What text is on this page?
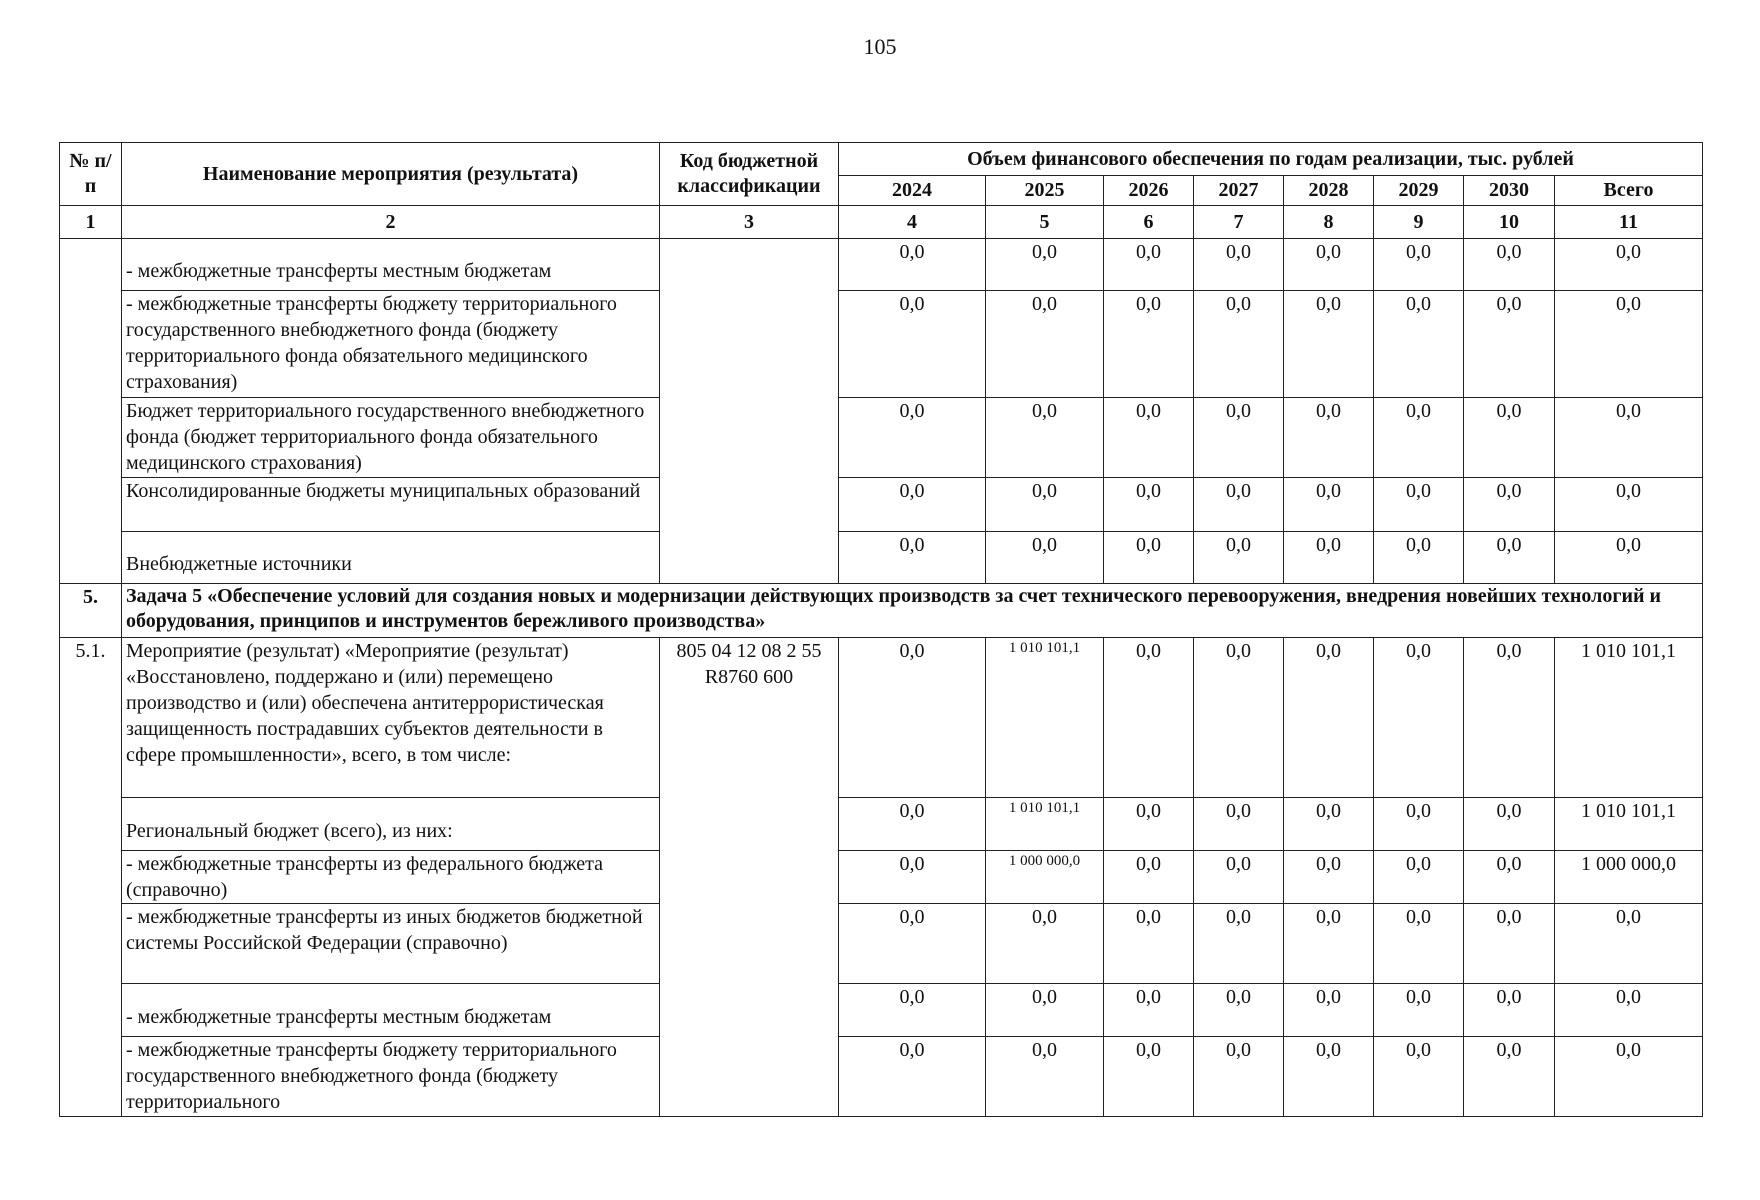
105
№ п/п	Наименование мероприятия (результата)	Код бюджетной классификации	Объем финансового обеспечения по годам реализации, тыс. рублей							
			2024	2025	2026	2027	2028	2029	2030	Всего
1	2	3	4	5	6	7	8	9	10	11
	- межбюджетные трансферты местным бюджетам		0,0	0,0	0,0	0,0	0,0	0,0	0,0	0,0
	- межбюджетные трансферты бюджету территориального государственного внебюджетного фонда (бюджету территориального фонда обязательного медицинского страхования)		0,0	0,0	0,0	0,0	0,0	0,0	0,0	0,0
	Бюджет территориального государственного внебюджетного фонда (бюджет территориального фонда обязательного медицинского страхования)		0,0	0,0	0,0	0,0	0,0	0,0	0,0	0,0
	Консолидированные бюджеты муниципальных образований		0,0	0,0	0,0	0,0	0,0	0,0	0,0	0,0
	Внебюджетные источники		0,0	0,0	0,0	0,0	0,0	0,0	0,0	0,0
5.	Задача 5 «Обеспечение условий для создания новых и модернизации действующих производств за счет технического перевооружения, внедрения новейших технологий и оборудования, принципов и инструментов бережливого производства»									
5.1.	Мероприятие (результат) «Мероприятие (результат) «Восстановлено, поддержано и (или) перемещено производство и (или) обеспечена антитеррористическая защищенность пострадавших субъектов деятельности в сфере промышленности», всего, в том числе:	805 04 12 08 2 55 R8760 600	0,0	1 010 101,1	0,0	0,0	0,0	0,0	0,0	1 010 101,1
	Региональный бюджет (всего), из них:		0,0	1 010 101,1	0,0	0,0	0,0	0,0	0,0	1 010 101,1
	- межбюджетные трансферты из федерального бюджета (справочно)		0,0	1 000 000,0	0,0	0,0	0,0	0,0	0,0	1 000 000,0
	- межбюджетные трансферты из иных бюджетов бюджетной системы Российской Федерации (справочно)		0,0	0,0	0,0	0,0	0,0	0,0	0,0	0,0
	- межбюджетные трансферты местным бюджетам		0,0	0,0	0,0	0,0	0,0	0,0	0,0	0,0
	- межбюджетные трансферты бюджету территориального государственного внебюджетного фонда (бюджету территориального		0,0	0,0	0,0	0,0	0,0	0,0	0,0	0,0
